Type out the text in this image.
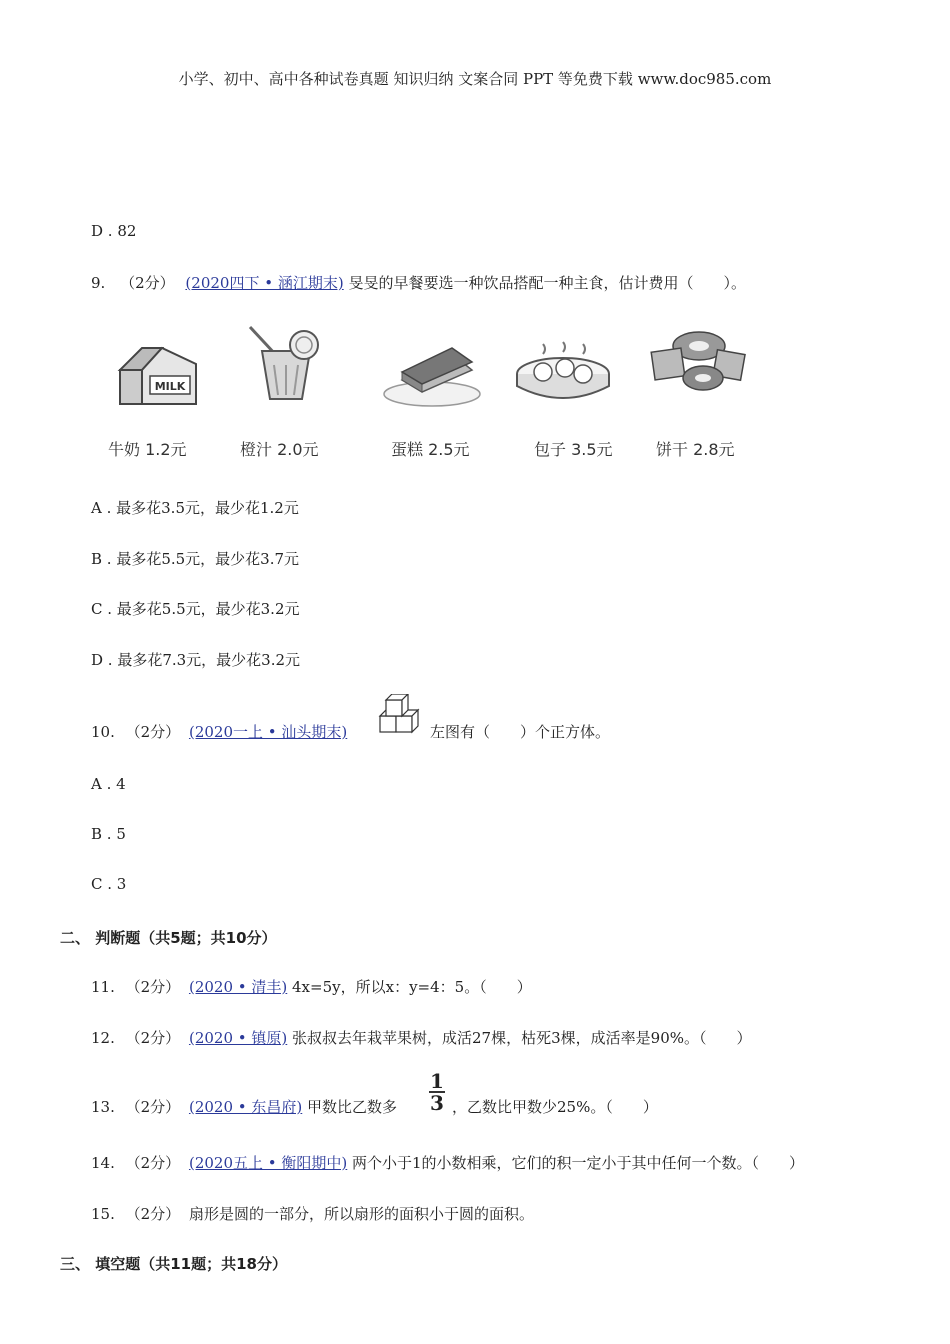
小学、初中、高中各种试卷真题 知识归纳 文案合同 PPT 等免费下载 www.doc985.com
D . 82
9. （2分） (2020四下 • 涵江期末) 旻旻的早餐要选一种饮品搭配一种主食，估计费用（　　）。
MILK
牛奶 1.2元	橙汁 2.0元	蛋糕 2.5元	包子 3.5元	饼干 2.8元
A . 最多花3.5元，最少花1.2元
B . 最多花5.5元，最少花3.7元
C . 最多花5.5元，最少花3.2元
D . 最多花7.3元，最少花3.2元
10. （2分） (2020一上 • 汕头期末)	左图有（　　）个正方体。
A . 4
B . 5
C . 3
二、 判断题（共5题；共10分）
11. （2分） (2020 • 清丰) 4x=5y，所以x：y=4：5。（　　）
12. （2分） (2020 • 镇原) 张叔叔去年栽苹果树，成活27棵，枯死3棵，成活率是90%。（　　）
13. （2分） (2020 • 东昌府) 甲数比乙数多
1
3 ，乙数比甲数少25%。（　　）
14. （2分） (2020五上 • 衡阳期中) 两个小于1的小数相乘，它们的积一定小于其中任何一个数。（　　）
15. （2分） 扇形是圆的一部分，所以扇形的面积小于圆的面积。
三、 填空题（共11题；共18分）
